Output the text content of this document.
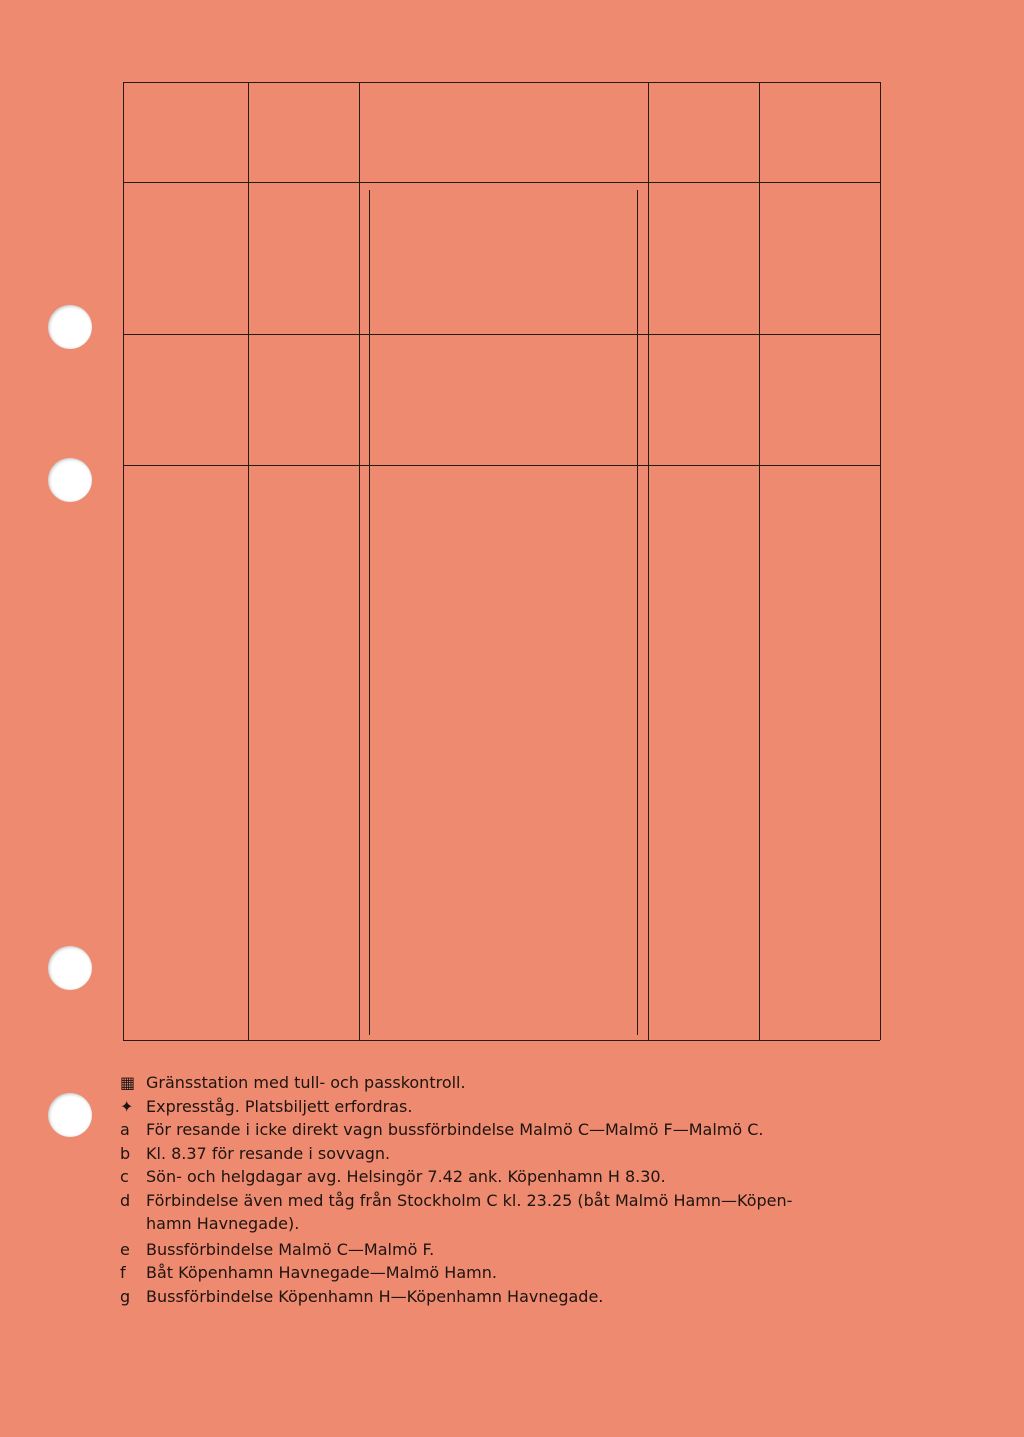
▦ Gränsstation med tull- och passkontroll.
✦ Expresståg. Platsbiljett erfordras.
a För resande i icke direkt vagn bussförbindelse Malmö C—Malmö F—Malmö C.
b Kl. 8.37 för resande i sovvagn.
c Sön- och helgdagar avg. Helsingör 7.42 ank. Köpenhamn H 8.30.
d Förbindelse även med tåg från Stockholm C kl. 23.25 (båt Malmö Hamn—Köpen-
hamn Havnegade).
e Bussförbindelse Malmö C—Malmö F.
f Båt Köpenhamn Havnegade—Malmö Hamn.
g Bussförbindelse Köpenhamn H—Köpenhamn Havnegade.
